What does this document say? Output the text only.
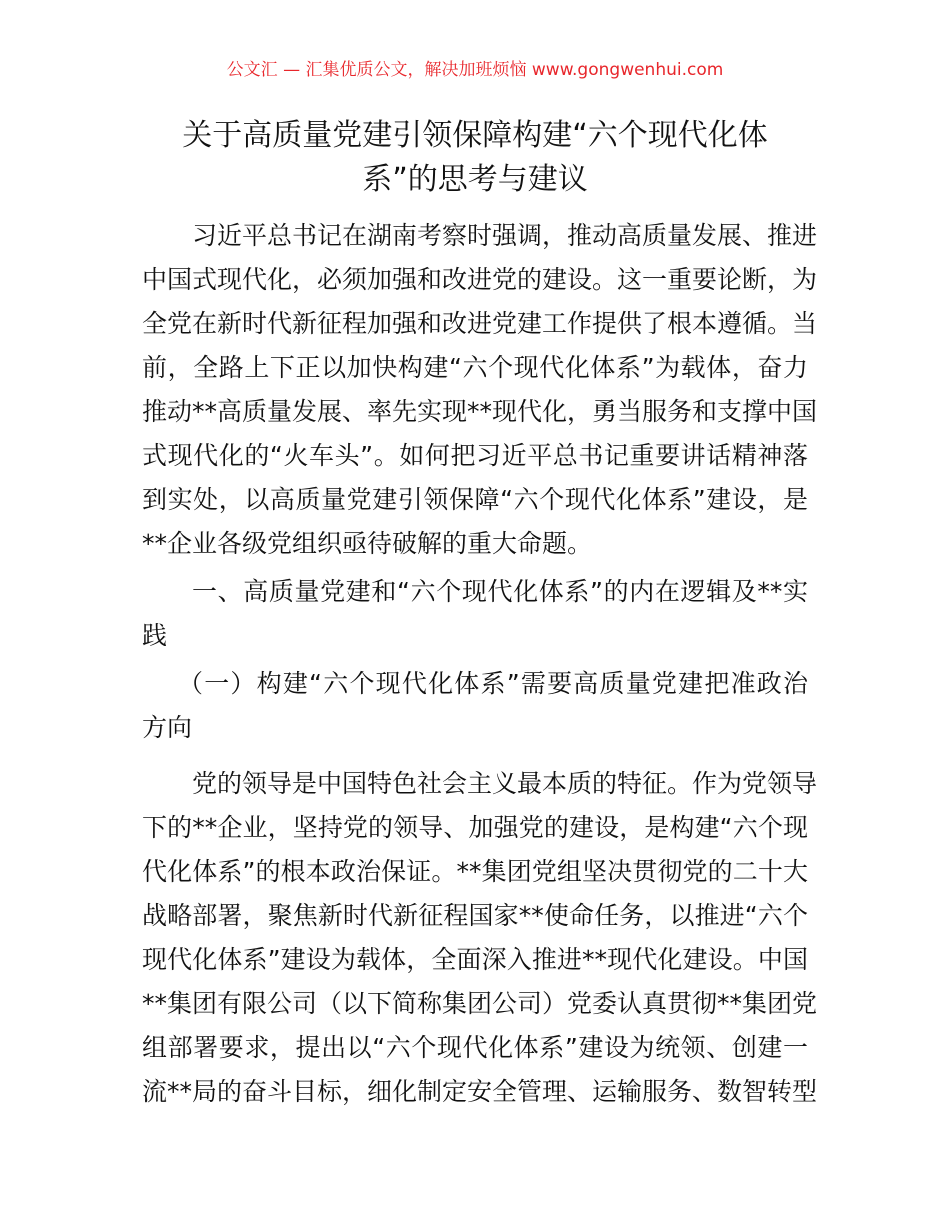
公文汇 — 汇集优质公文，解决加班烦恼 www.gongwenhui.com
关于高质量党建引领保障构建“六个现代化体
系”的思考与建议
习近平总书记在湖南考察时强调，推动高质量发展、推进
中国式现代化，必须加强和改进党的建设。这一重要论断，为
全党在新时代新征程加强和改进党建工作提供了根本遵循。当
前，全路上下正以加快构建“六个现代化体系”为载体，奋力
推动**高质量发展、率先实现**现代化，勇当服务和支撑中国
式现代化的“火车头”。如何把习近平总书记重要讲话精神落
到实处，以高质量党建引领保障“六个现代化体系”建设，是
**企业各级党组织亟待破解的重大命题。
一、高质量党建和“六个现代化体系”的内在逻辑及**实
践
（一）构建“六个现代化体系”需要高质量党建把准政治
方向
党的领导是中国特色社会主义最本质的特征。作为党领导
下的**企业，坚持党的领导、加强党的建设，是构建“六个现
代化体系”的根本政治保证。**集团党组坚决贯彻党的二十大
战略部署，聚焦新时代新征程国家**使命任务，以推进“六个
现代化体系”建设为载体，全面深入推进**现代化建设。中国
**集团有限公司（以下简称集团公司）党委认真贯彻**集团党
组部署要求，提出以“六个现代化体系”建设为统领、创建一
流**局的奋斗目标，细化制定安全管理、运输服务、数智转型
